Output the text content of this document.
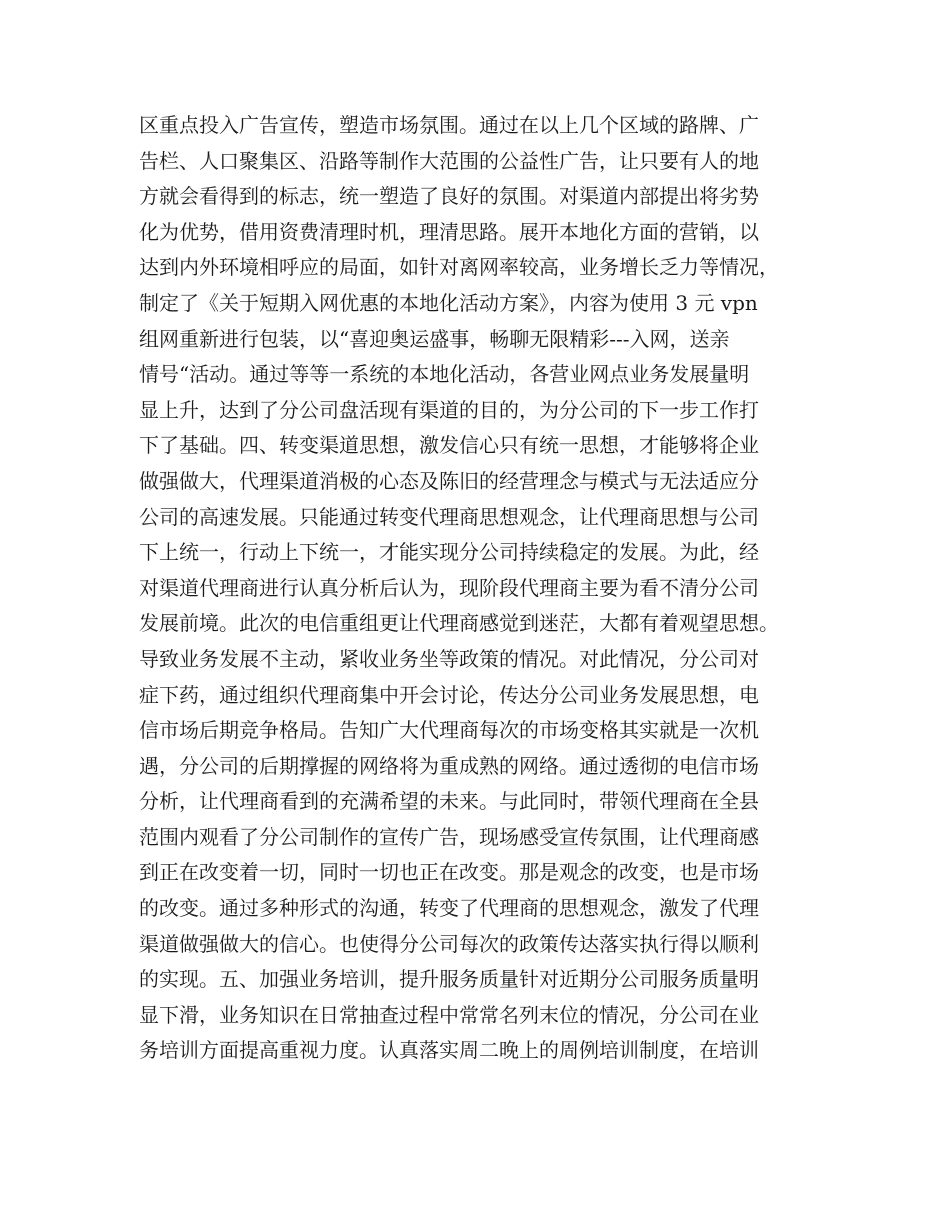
区重点投入广告宣传，塑造市场氛围。通过在以上几个区域的路牌、广
告栏、人口聚集区、沿路等制作大范围的公益性广告，让只要有人的地
方就会看得到的标志，统一塑造了良好的氛围。对渠道内部提出将劣势
化为优势，借用资费清理时机，理清思路。展开本地化方面的营销，以
达到内外环境相呼应的局面，如针对离网率较高，业务增长乏力等情况，
制定了《关于短期入网优惠的本地化活动方案》，内容为使用 3 元 vpn
组网重新进行包装，以“喜迎奥运盛事，畅聊无限精彩---入网，送亲
情号“活动。通过等等一系统的本地化活动，各营业网点业务发展量明
显上升，达到了分公司盘活现有渠道的目的，为分公司的下一步工作打
下了基础。四、转变渠道思想，激发信心只有统一思想，才能够将企业
做强做大，代理渠道消极的心态及陈旧的经营理念与模式与无法适应分
公司的高速发展。只能通过转变代理商思想观念，让代理商思想与公司
下上统一，行动上下统一，才能实现分公司持续稳定的发展。为此，经
对渠道代理商进行认真分析后认为，现阶段代理商主要为看不清分公司
发展前境。此次的电信重组更让代理商感觉到迷茫，大都有着观望思想。
导致业务发展不主动，紧收业务坐等政策的情况。对此情况，分公司对
症下药，通过组织代理商集中开会讨论，传达分公司业务发展思想，电
信市场后期竞争格局。告知广大代理商每次的市场变格其实就是一次机
遇，分公司的后期撑握的网络将为重成熟的网络。通过透彻的电信市场
分析，让代理商看到的充满希望的未来。与此同时，带领代理商在全县
范围内观看了分公司制作的宣传广告，现场感受宣传氛围，让代理商感
到正在改变着一切，同时一切也正在改变。那是观念的改变，也是市场
的改变。通过多种形式的沟通，转变了代理商的思想观念，激发了代理
渠道做强做大的信心。也使得分公司每次的政策传达落实执行得以顺利
的实现。五、加强业务培训，提升服务质量针对近期分公司服务质量明
显下滑，业务知识在日常抽查过程中常常名列末位的情况，分公司在业
务培训方面提高重视力度。认真落实周二晚上的周例培训制度，在培训
